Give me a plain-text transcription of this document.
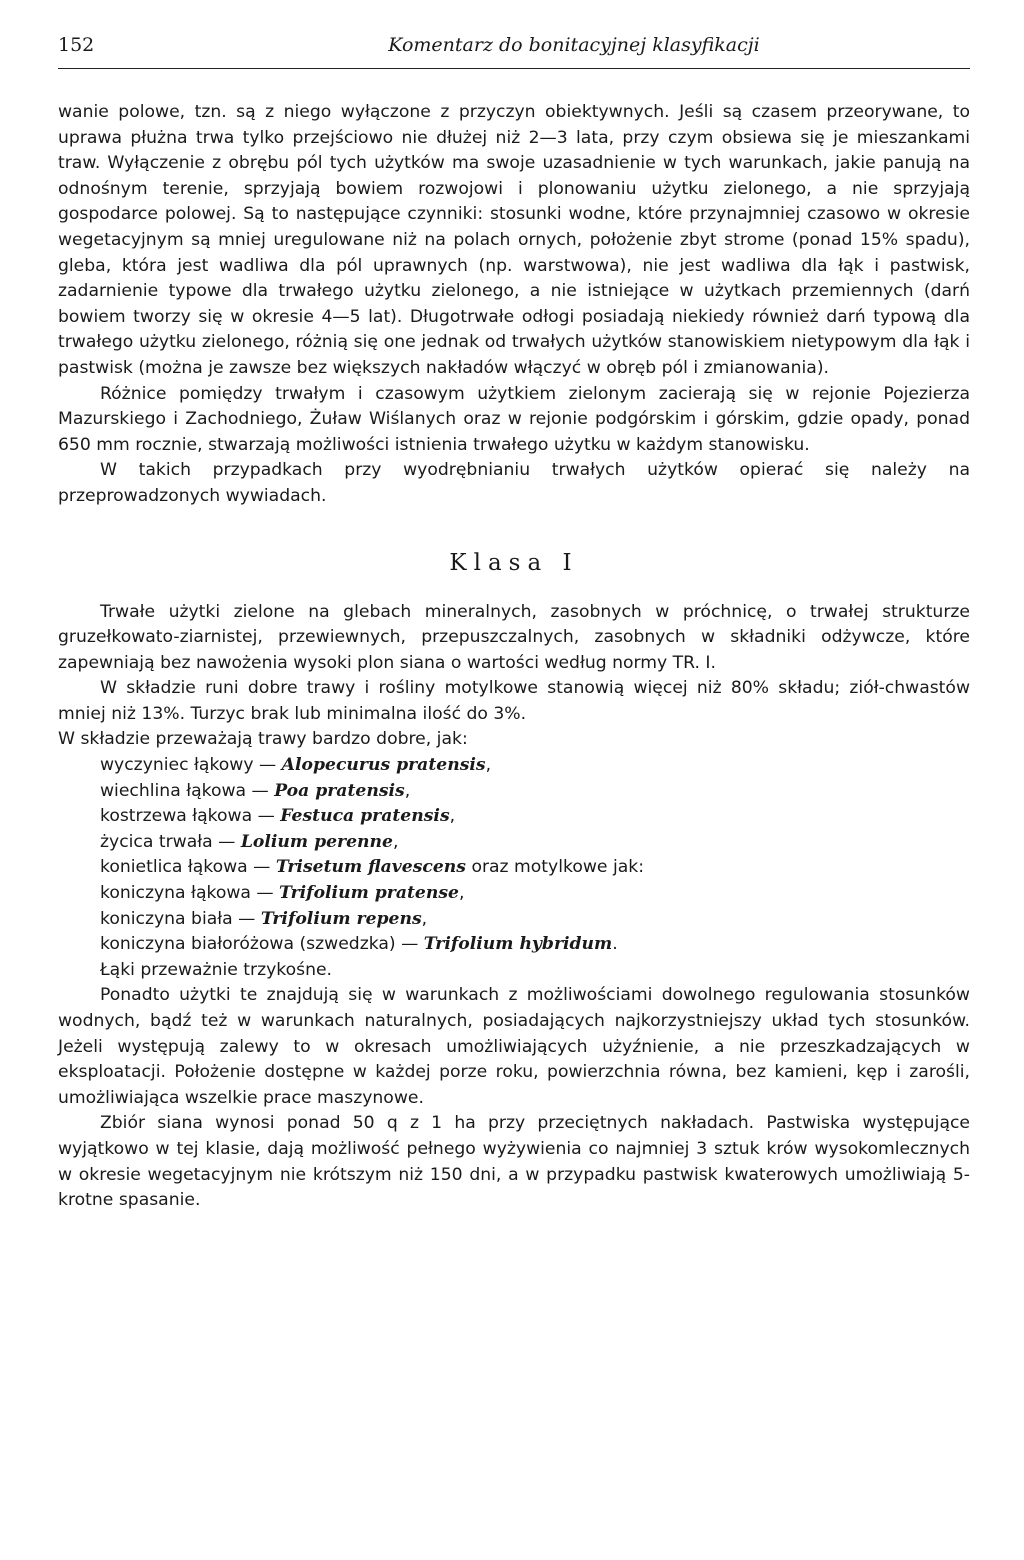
152	Komentarz do bonitacyjnej klasyfikacji

wanie polowe, tzn. są z niego wyłączone z przyczyn obiektywnych. Jeśli są czasem przeorywane, to uprawa płużna trwa tylko przejściowo nie dłużej niż 2—3 lata, przy czym obsiewa się je mieszankami traw. Wyłączenie z obrębu pól tych użytków ma swoje uzasadnienie w tych warunkach, jakie panują na odnośnym terenie, sprzyjają bowiem rozwojowi i plonowaniu użytku zielonego, a nie sprzyjają gospodarce polowej. Są to następujące czynniki: stosunki wodne, które przynajmniej czasowo w okresie wegetacyjnym są mniej uregulowane niż na polach ornych, położenie zbyt strome (ponad 15% spadu), gleba, która jest wadliwa dla pól uprawnych (np. warstwowa), nie jest wadliwa dla łąk i pastwisk, zadarnienie typowe dla trwałego użytku zielonego, a nie istniejące w użytkach przemiennych (darń bowiem tworzy się w okresie 4—5 lat). Długotrwałe odłogi posiadają niekiedy również darń typową dla trwałego użytku zielonego, różnią się one jednak od trwałych użytków stanowiskiem nietypowym dla łąk i pastwisk (można je zawsze bez większych nakładów włączyć w obręb pól i zmianowania).

Różnice pomiędzy trwałym i czasowym użytkiem zielonym zacierają się w rejonie Pojezierza Mazurskiego i Zachodniego, Żuław Wiślanych oraz w rejonie podgórskim i górskim, gdzie opady, ponad 650 mm rocznie, stwarzają możliwości istnienia trwałego użytku w każdym stanowisku.

W takich przypadkach przy wyodrębnianiu trwałych użytków opierać się należy na przeprowadzonych wywiadach.

Klasa I

Trwałe użytki zielone na glebach mineralnych, zasobnych w próchnicę, o trwałej strukturze gruzełkowato-ziarnistej, przewiewnych, przepuszczalnych, zasobnych w składniki odżywcze, które zapewniają bez nawożenia wysoki plon siana o wartości według normy TR. I.

W składzie runi dobre trawy i rośliny motylkowe stanowią więcej niż 80% składu; ziół-chwastów mniej niż 13%. Turzyc brak lub minimalna ilość do 3%.

W składzie przeważają trawy bardzo dobre, jak:

wyczyniec łąkowy — Alopecurus pratensis,
wiechlina łąkowa — Poa pratensis,
kostrzewa łąkowa — Festuca pratensis,
życica trwała — Lolium perenne,
konietlica łąkowa — Trisetum flavescens oraz motylkowe jak:
koniczyna łąkowa — Trifolium pratense,
koniczyna biała — Trifolium repens,
koniczyna białoróżowa (szwedzka) — Trifolium hybridum.
Łąki przeważnie trzykośne.

Ponadto użytki te znajdują się w warunkach z możliwościami dowolnego regulowania stosunków wodnych, bądź też w warunkach naturalnych, posiadających najkorzystniejszy układ tych stosunków. Jeżeli występują zalewy to w okresach umożliwiających użyźnienie, a nie przeszkadzających w eksploatacji. Położenie dostępne w każdej porze roku, powierzchnia równa, bez kamieni, kęp i zarośli, umożliwiająca wszelkie prace maszynowe.

Zbiór siana wynosi ponad 50 q z 1 ha przy przeciętnych nakładach. Pastwiska występujące wyjątkowo w tej klasie, dają możliwość pełnego wyżywienia co najmniej 3 sztuk krów wysokomlecznych w okresie wegetacyjnym nie krótszym niż 150 dni, a w przypadku pastwisk kwaterowych umożliwiają 5-krotne spasanie.
